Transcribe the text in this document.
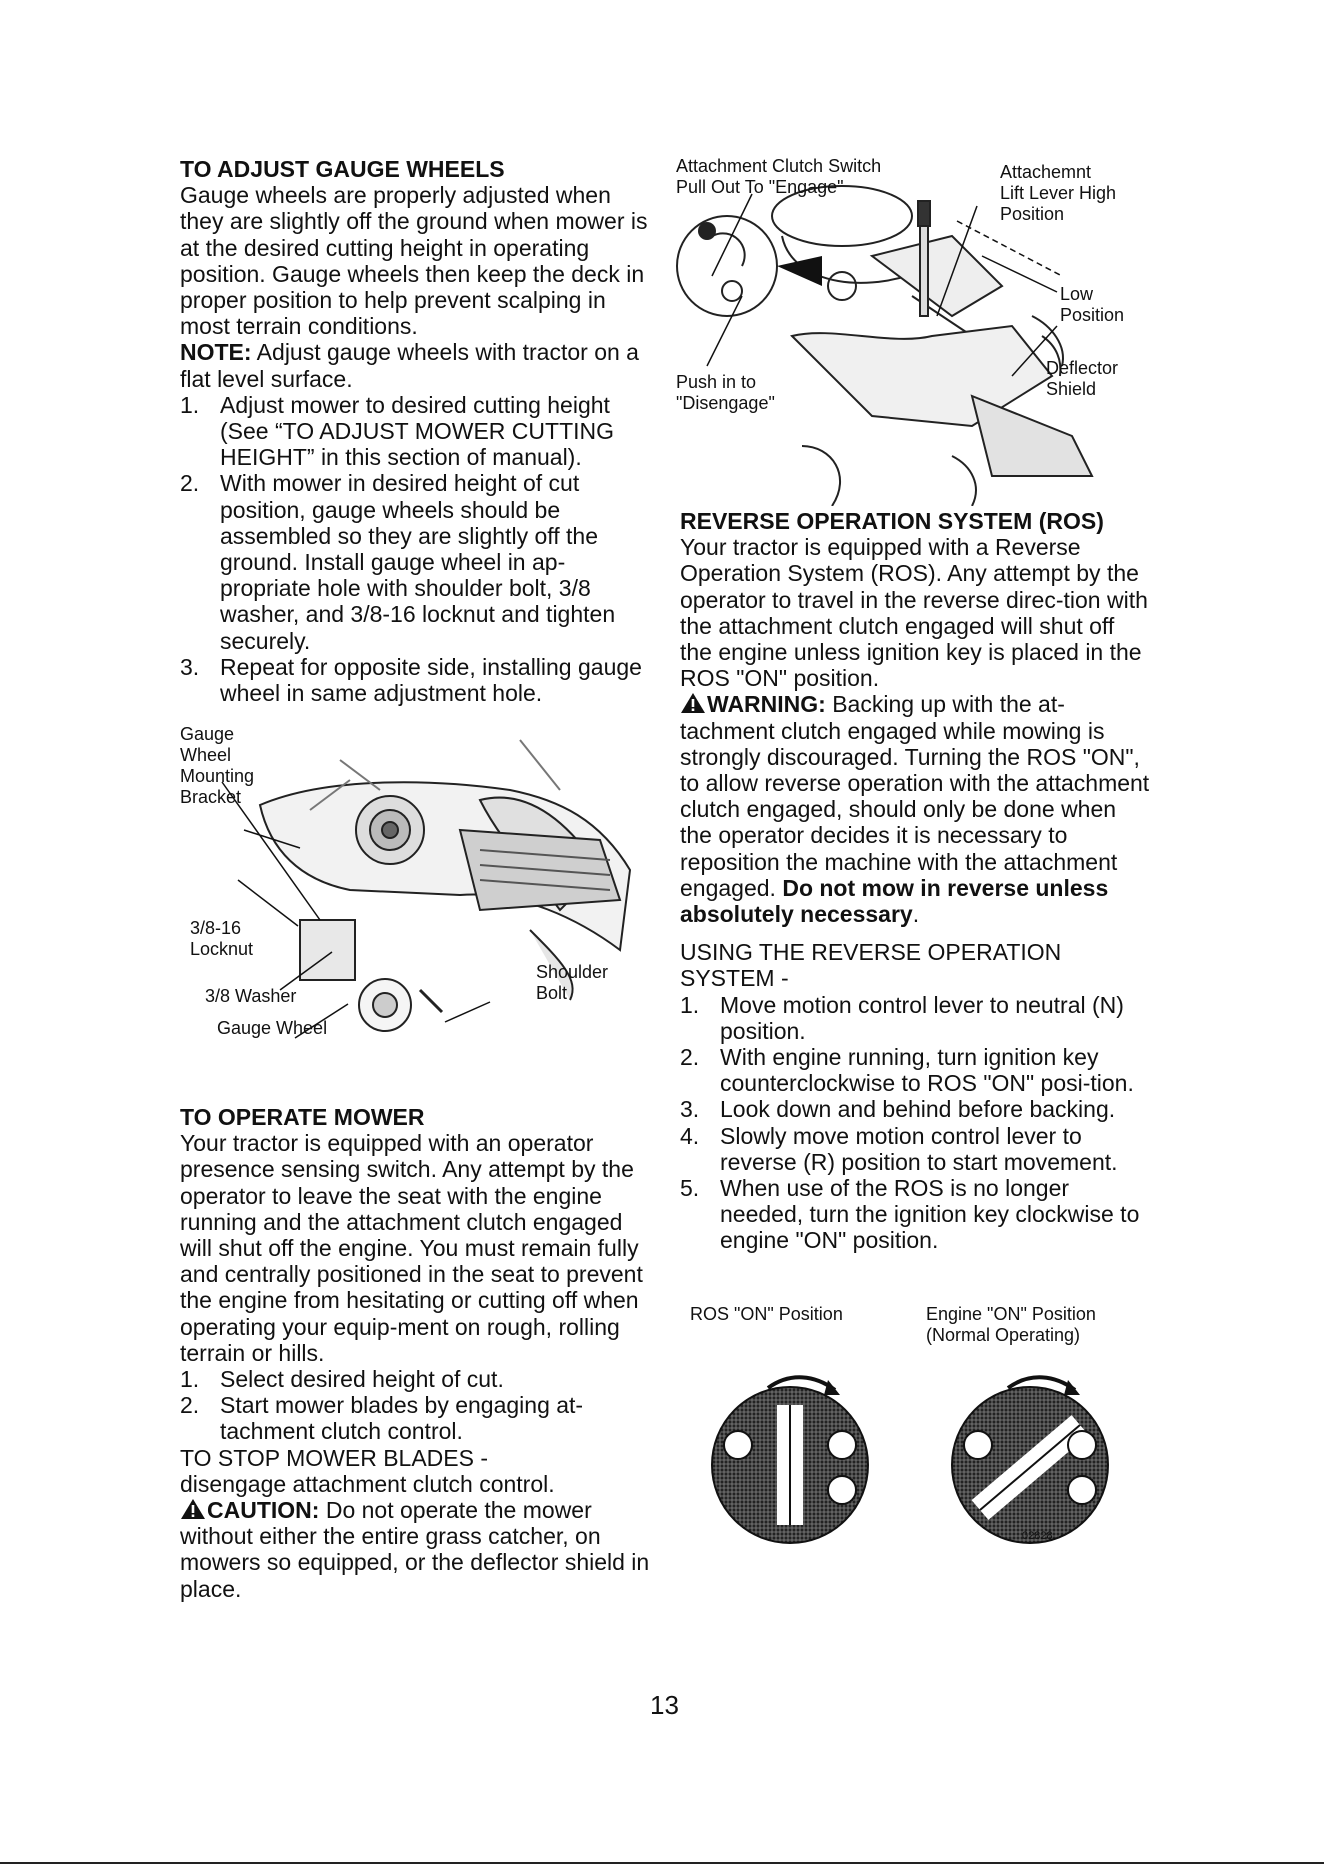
TO ADJUST GAUGE WHEELS

Gauge wheels are properly adjusted when they are slightly off the ground when mower is at the desired cutting height in operating position. Gauge wheels then keep the deck in proper position to help prevent scalping in most terrain conditions.

NOTE: Adjust gauge wheels with tractor on a flat level surface.

1. Adjust mower to desired cutting height (See “TO ADJUST MOWER CUTTING HEIGHT” in this section of manual).
2. With mower in desired height of cut position, gauge wheels should be assembled so they are slightly off the ground. Install gauge wheel in ap-propriate hole with shoulder bolt, 3/8 washer, and 3/8-16 locknut and tighten securely.
3. Repeat for opposite side, installing gauge wheel in same adjustment hole.
Gauge
Wheel
Mounting
Bracket
3/8-16
Locknut
3/8 Washer
Gauge Wheel
Shoulder
Bolt

TO OPERATE MOWER

Your tractor is equipped with an operator presence sensing switch. Any attempt by the operator to leave the seat with the engine running and the attachment clutch engaged will shut off the engine. You must remain fully and centrally positioned in the seat to prevent the engine from hesitating or cutting off when operating your equip-ment on rough, rolling terrain or hills.

1. Select desired height of cut.
2. Start mower blades by engaging at-tachment clutch control.

TO STOP MOWER BLADES -

disengage attachment clutch control.

CAUTION: Do not operate the mower without either the entire grass catcher, on mowers so equipped, or the deflector shield in place.

Attachment Clutch Switch
Pull Out To "Engage"
Attachemnt
Lift Lever High
Position
Low
Position
Push in to
"Disengage"
Deflector
Shield

REVERSE OPERATION SYSTEM (ROS)

Your tractor is equipped with a Reverse Operation System (ROS). Any attempt by the operator to travel in the reverse direc-tion with the attachment clutch engaged will shut off the engine unless ignition key is placed in the ROS "ON" position.

WARNING: Backing up with the at-tachment clutch engaged while mowing is strongly discouraged. Turning the ROS "ON", to allow reverse operation with the attachment clutch engaged, should only be done when the operator decides it is necessary to reposition the machine with the attachment engaged. Do not mow in reverse unless absolutely necessary.

USING THE REVERSE OPERATION SYSTEM -

1. Move motion control lever to neutral (N) position.
2. With engine running, turn ignition key counterclockwise to ROS "ON" posi-tion.
3. Look down and behind before backing.
4. Slowly move motion control lever to reverse (R) position to start movement.
5. When use of the ROS is no longer needed, turn the ignition key clockwise to engine "ON" position.
ROS "ON" Position	Engine "ON" Position
(Normal Operating)
02828
13
